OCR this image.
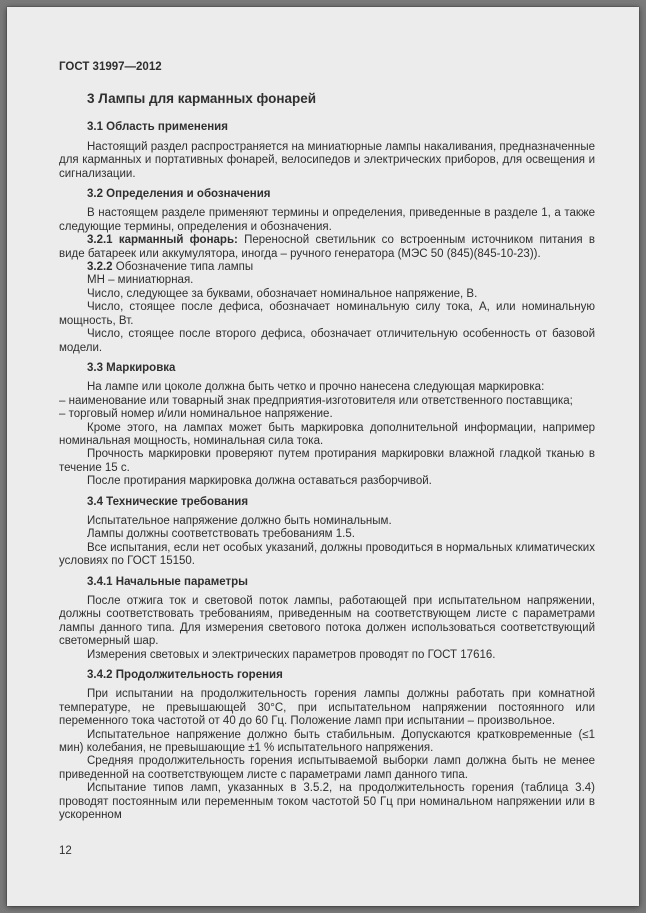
ГОСТ 31997—2012
3 Лампы для карманных фонарей
3.1 Область применения
Настоящий раздел распространяется на миниатюрные лампы накаливания, предназначенные для карманных и портативных фонарей, велосипедов и электрических приборов, для освещения и сигнализации.
3.2 Определения и обозначения
В настоящем разделе применяют термины и определения, приведенные в разделе 1, а также следующие термины, определения и обозначения.
3.2.1 карманный фонарь: Переносной светильник со встроенным источником питания в виде батареек или аккумулятора, иногда – ручного генератора (МЭС 50 (845)(845-10-23)).
3.2.2 Обозначение типа лампы
МН – миниатюрная.
Число, следующее за буквами, обозначает номинальное напряжение, В.
Число, стоящее после дефиса, обозначает номинальную силу тока, А, или номинальную мощность, Вт.
Число, стоящее после второго дефиса, обозначает отличительную особенность от базовой модели.
3.3 Маркировка
На лампе или цоколе должна быть четко и прочно нанесена следующая маркировка:
– наименование или товарный знак предприятия-изготовителя или ответственного поставщика;
– торговый номер и/или номинальное напряжение.
Кроме этого, на лампах может быть маркировка дополнительной информации, например номинальная мощность, номинальная сила тока.
Прочность маркировки проверяют путем протирания маркировки влажной гладкой тканью в течение 15 с.
После протирания маркировка должна оставаться разборчивой.
3.4 Технические требования
Испытательное напряжение должно быть номинальным.
Лампы должны соответствовать требованиям 1.5.
Все испытания, если нет особых указаний, должны проводиться в нормальных климатических условиях по ГОСТ 15150.
3.4.1 Начальные параметры
После отжига ток и световой поток лампы, работающей при испытательном напряжении, должны соответствовать требованиям, приведенным на соответствующем листе с параметрами лампы данного типа. Для измерения светового потока должен использоваться соответствующий светомерный шар.
Измерения световых и электрических параметров проводят по ГОСТ 17616.
3.4.2 Продолжительность горения
При испытании на продолжительность горения лампы должны работать при комнатной температуре, не превышающей 30°С, при испытательном напряжении постоянного или переменного тока частотой от 40 до 60 Гц. Положение ламп при испытании – произвольное.
Испытательное напряжение должно быть стабильным. Допускаются кратковременные (≤1 мин) колебания, не превышающие ±1 % испытательного напряжения.
Средняя продолжительность горения испытываемой выборки ламп должна быть не менее приведенной на соответствующем листе с параметрами ламп данного типа.
Испытание типов ламп, указанных в 3.5.2, на продолжительность горения (таблица 3.4) проводят постоянным или переменным током частотой 50 Гц при номинальном напряжении или в ускоренном
12
